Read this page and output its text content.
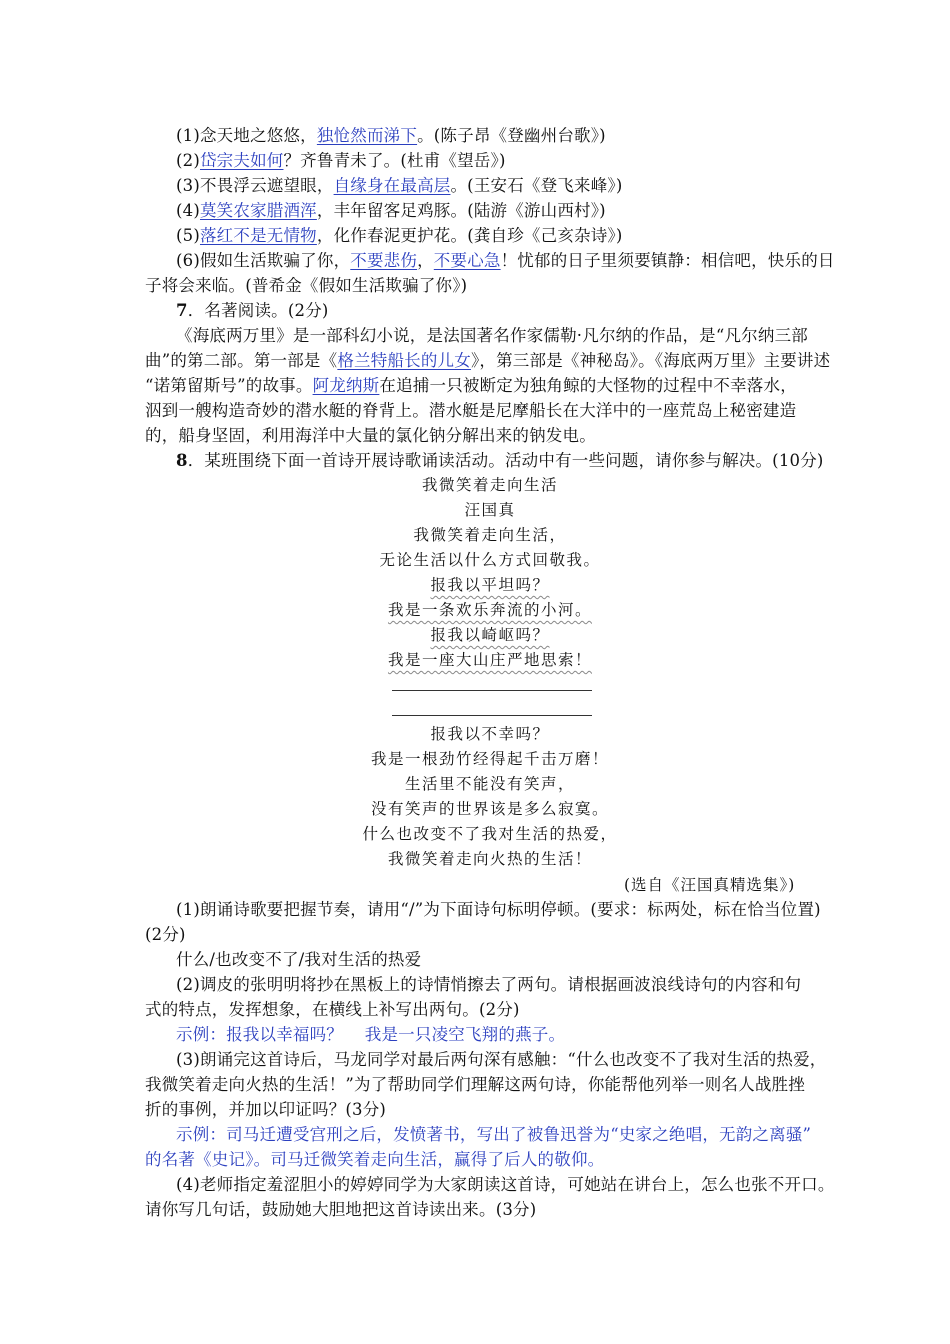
(1)念天地之悠悠，独怆然而涕下。(陈子昂《登幽州台歌》)
(2)岱宗夫如何？齐鲁青未了。(杜甫《望岳》)
(3)不畏浮云遮望眼，自缘身在最高层。(王安石《登飞来峰》)
(4)莫笑农家腊酒浑，丰年留客足鸡豚。(陆游《游山西村》)
(5)落红不是无情物，化作春泥更护花。(龚自珍《己亥杂诗》)
(6)假如生活欺骗了你，不要悲伤，不要心急！忧郁的日子里须要镇静：相信吧，快乐的日
子将会来临。(普希金《假如生活欺骗了你》)
7．名著阅读。(2分)
《海底两万里》是一部科幻小说，是法国著名作家儒勒·凡尔纳的作品，是“凡尔纳三部
曲”的第二部。第一部是《格兰特船长的儿女》，第三部是《神秘岛》。《海底两万里》主要讲述
“诺第留斯号”的故事。阿龙纳斯在追捕一只被断定为独角鲸的大怪物的过程中不幸落水，
泅到一艘构造奇妙的潜水艇的脊背上。潜水艇是尼摩船长在大洋中的一座荒岛上秘密建造
的，船身坚固，利用海洋中大量的氯化钠分解出来的钠发电。
8．某班围绕下面一首诗开展诗歌诵读活动。活动中有一些问题，请你参与解决。(10分)
我微笑着走向生活
汪国真
我微笑着走向生活，
无论生活以什么方式回敬我。
报我以平坦吗？
我是一条欢乐奔流的小河。
报我以崎岖吗？
我是一座大山庄严地思索！
报我以不幸吗？
我是一根劲竹经得起千击万磨！
生活里不能没有笑声，
没有笑声的世界该是多么寂寞。
什么也改变不了我对生活的热爱，
我微笑着走向火热的生活！
(选自《汪国真精选集》)
(1)朗诵诗歌要把握节奏，请用“/”为下面诗句标明停顿。(要求：标两处，标在恰当位置)
(2分)
什么/也改变不了/我对生活的热爱
(2)调皮的张明明将抄在黑板上的诗情悄擦去了两句。请根据画波浪线诗句的内容和句
式的特点，发挥想象，在横线上补写出两句。(2分)
示例：报我以幸福吗？    我是一只凌空飞翔的燕子。
(3)朗诵完这首诗后，马龙同学对最后两句深有感触：“什么也改变不了我对生活的热爱，
我微笑着走向火热的生活！”为了帮助同学们理解这两句诗，你能帮他列举一则名人战胜挫
折的事例，并加以印证吗？(3分)
示例：司马迁遭受宫刑之后，发愤著书，写出了被鲁迅誉为“史家之绝唱，无韵之离骚”
的名著《史记》。司马迁微笑着走向生活，赢得了后人的敬仰。
(4)老师指定羞涩胆小的婷婷同学为大家朗读这首诗，可她站在讲台上，怎么也张不开口。
请你写几句话，鼓励她大胆地把这首诗读出来。(3分)
